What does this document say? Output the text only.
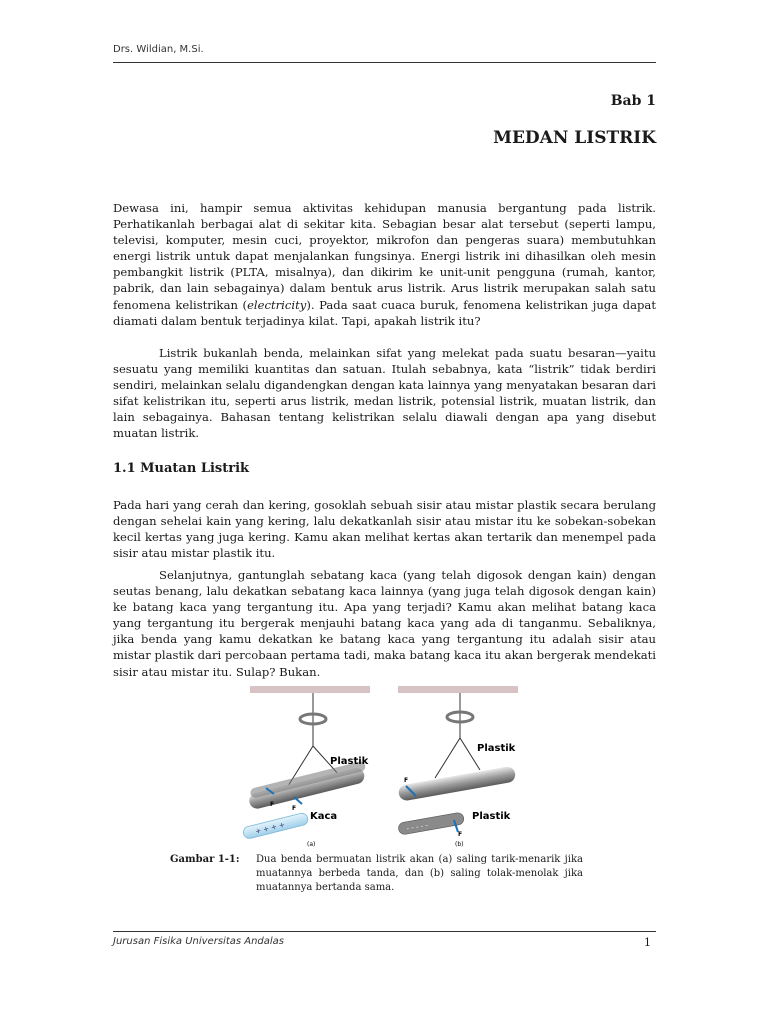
Drs. Wildian, M.Si.
Bab 1
MEDAN LISTRIK

Dewasa ini, hampir semua aktivitas kehidupan manusia bergantung pada listrik. Perhatikanlah berbagai alat di sekitar kita. Sebagian besar alat tersebut (seperti lampu, televisi, komputer, mesin cuci, proyektor, mikrofon dan pengeras suara) membutuhkan energi listrik untuk dapat menjalankan fungsinya. Energi listrik ini dihasilkan oleh mesin pembangkit listrik (PLTA, misalnya), dan dikirim ke unit-unit pengguna (rumah, kantor, pabrik, dan lain sebagainya) dalam bentuk arus listrik. Arus listrik merupakan salah satu fenomena kelistrikan (electricity). Pada saat cuaca buruk, fenomena kelistrikan juga dapat diamati dalam bentuk terjadinya kilat. Tapi, apakah listrik itu?

Listrik bukanlah benda, melainkan sifat yang melekat pada suatu besaran—yaitu sesuatu yang memiliki kuantitas dan satuan. Itulah sebabnya, kata “listrik” tidak berdiri sendiri, melainkan selalu digandengkan dengan kata lainnya yang menyatakan besaran dari sifat kelistrikan itu, seperti arus listrik, medan listrik, potensial listrik, muatan listrik, dan lain sebagainya. Bahasan tentang kelistrikan selalu diawali dengan apa yang disebut muatan listrik.

1.1 Muatan Listrik

Pada hari yang cerah dan kering, gosoklah sebuah sisir atau mistar plastik secara berulang dengan sehelai kain yang kering, lalu dekatkanlah sisir atau mistar itu ke sobekan-sobekan kecil kertas yang juga kering. Kamu akan melihat kertas akan tertarik dan menempel pada sisir atau mistar plastik itu.

Selanjutnya, gantunglah sebatang kaca (yang telah digosok dengan kain) dengan seutas benang, lalu dekatkan sebatang kaca lainnya (yang juga telah digosok dengan kain) ke batang kaca yang tergantung itu. Apa yang terjadi? Kamu akan melihat batang kaca yang tergantung itu bergerak menjauhi batang kaca yang ada di tanganmu. Sebaliknya, jika benda yang kamu dekatkan ke batang kaca yang tergantung itu adalah sisir atau mistar plastik dari percobaan pertama tadi, maka batang kaca itu akan bergerak mendekati sisir atau mistar itu. Sulap? Bukan.

+ + + +
F
F
Plastik
Kaca
(a)
- - - - -
F
F
Plastik
Plastik
(b)
Gambar 1-1: Dua benda bermuatan listrik akan (a) saling tarik-menarik jika muatannya berbeda tanda, dan (b) saling tolak-menolak jika muatannya bertanda sama.

Jurusan Fisika Universitas Andalas	1
